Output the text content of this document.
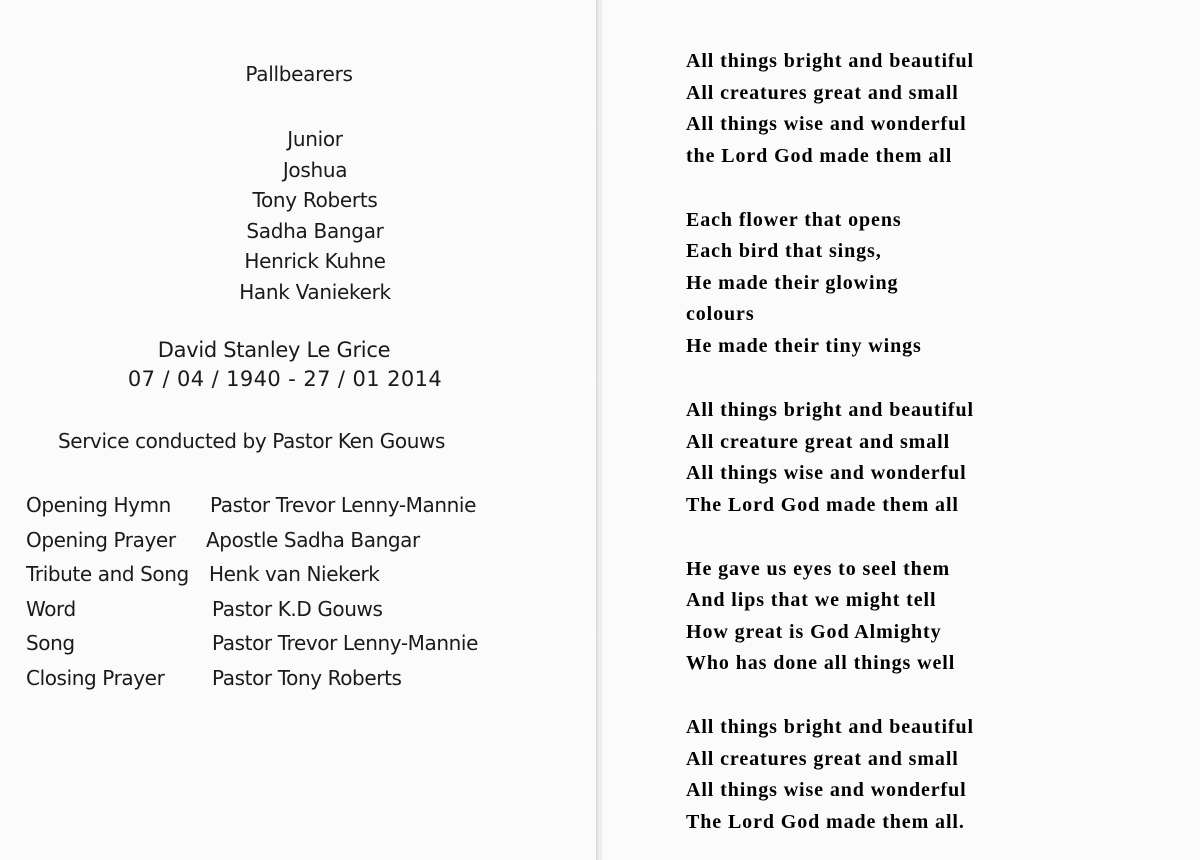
Pallbearers
Junior
Joshua
Tony Roberts
Sadha Bangar
Henrick Kuhne
Hank Vaniekerk
David Stanley Le Grice
07 / 04 / 1940 - 27 / 01 2014
Service conducted by Pastor Ken Gouws
Opening Hymn Pastor Trevor Lenny-Mannie
Opening Prayer Apostle Sadha Bangar
Tribute and Song Henk van Niekerk
Word	Pastor K.D Gouws
Song	Pastor Trevor Lenny-Mannie
Closing Prayer Pastor Tony Roberts
All things bright and beautiful
All creatures great and small
All things wise and wonderful
the Lord God made them all
Each flower that opens
Each bird that sings,
He made their glowing
colours
He made their tiny wings
All things bright and beautiful
All creature great and small
All things wise and wonderful
The Lord God made them all
He gave us eyes to seel them
And lips that we might tell
How great is God Almighty
Who has done all things well
All things bright and beautiful
All creatures great and small
All things wise and wonderful
The Lord God made them all.
